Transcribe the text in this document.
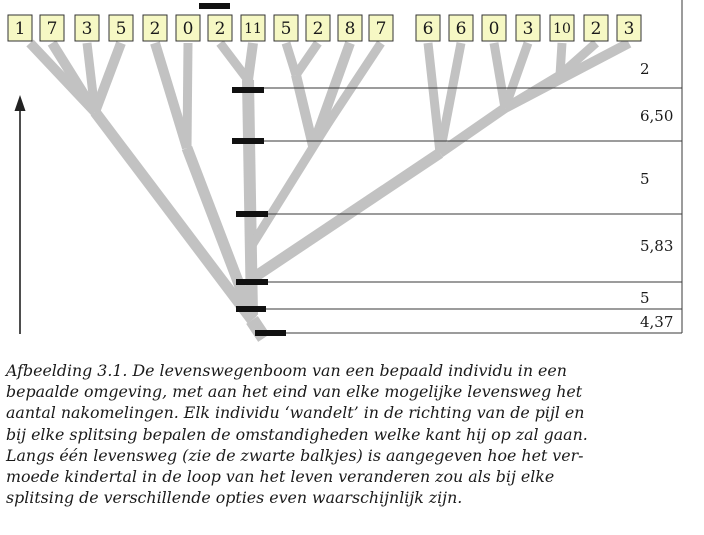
1 7 3 5 2 0 2 11 5 2 8 7 6 6 0 3 10 2 3
2
6,50
5
5,83
5
4,37
Afbeelding 3.1. De levenswegenboom van een bepaald individu in een
bepaalde omgeving, met aan het eind van elke mogelijke levensweg het
aantal nakomelingen. Elk individu ‘wandelt’ in de richting van de pijl en
bij elke splitsing bepalen de omstandigheden welke kant hij op zal gaan.
Langs één levensweg (zie de zwarte balkjes) is aangegeven hoe het ver-
moede kindertal in de loop van het leven veranderen zou als bij elke
splitsing de verschillende opties even waarschijnlijk zijn.
